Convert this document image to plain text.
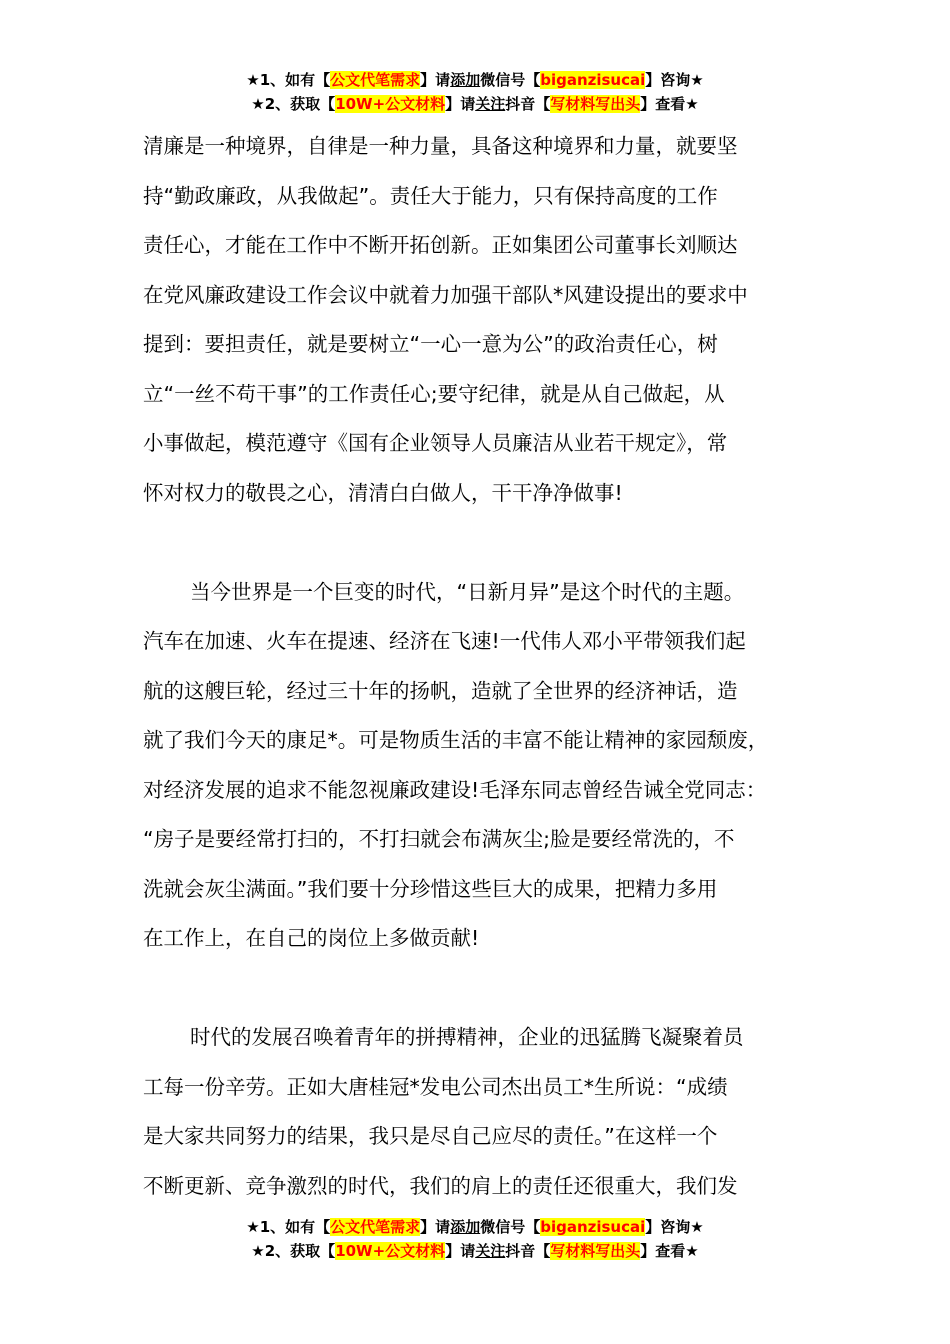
★1、如有【公文代笔需求】请添加微信号【biganzisucai】咨询★
★2、获取【10W+公文材料】请关注抖音【写材料写出头】查看★
清廉是一种境界，自律是一种力量，具备这种境界和力量，就要坚
持“勤政廉政，从我做起”。责任大于能力，只有保持高度的工作
责任心，才能在工作中不断开拓创新。正如集团公司董事长刘顺达
在党风廉政建设工作会议中就着力加强干部队*风建设提出的要求中
提到：要担责任，就是要树立“一心一意为公”的政治责任心，树
立“一丝不苟干事”的工作责任心;要守纪律，就是从自己做起，从
小事做起，模范遵守《国有企业领导人员廉洁从业若干规定》，常
怀对权力的敬畏之心，清清白白做人，干干净净做事!
当今世界是一个巨变的时代，“日新月异”是这个时代的主题。
汽车在加速、火车在提速、经济在飞速!一代伟人邓小平带领我们起
航的这艘巨轮，经过三十年的扬帆，造就了全世界的经济神话，造
就了我们今天的康足*。可是物质生活的丰富不能让精神的家园颓废，
对经济发展的追求不能忽视廉政建设!毛泽东同志曾经告诫全党同志：
“房子是要经常打扫的，不打扫就会布满灰尘;脸是要经常洗的，不
洗就会灰尘满面。”我们要十分珍惜这些巨大的成果，把精力多用
在工作上，在自己的岗位上多做贡献!
时代的发展召唤着青年的拼搏精神，企业的迅猛腾飞凝聚着员
工每一份辛劳。正如大唐桂冠*发电公司杰出员工*生所说：“成绩
是大家共同努力的结果，我只是尽自己应尽的责任。”在这样一个
不断更新、竞争激烈的时代，我们的肩上的责任还很重大，我们发
★1、如有【公文代笔需求】请添加微信号【biganzisucai】咨询★
★2、获取【10W+公文材料】请关注抖音【写材料写出头】查看★
